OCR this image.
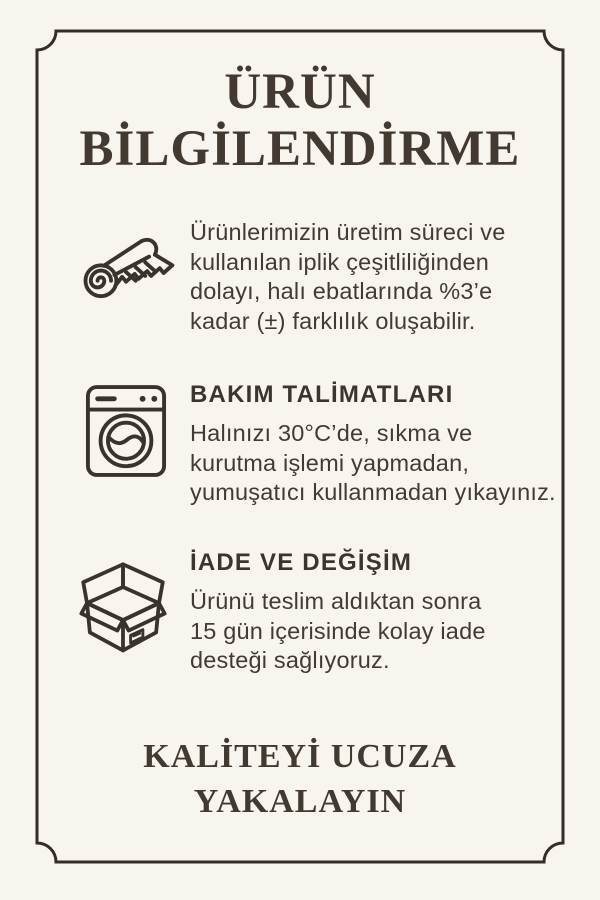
ÜRÜN
BİLGİLENDİRME
Ürünlerimizin üretim süreci ve
kullanılan iplik çeşitliliğinden
dolayı, halı ebatlarında %3’e
kadar (±) farklılık oluşabilir.
BAKIM TALİMATLARI
Halınızı 30°C’de, sıkma ve
kurutma işlemi yapmadan,
yumuşatıcı kullanmadan yıkayınız.
İADE VE DEĞİŞİM
Ürünü teslim aldıktan sonra
15 gün içerisinde kolay iade
desteği sağlıyoruz.
KALİTEYİ UCUZA
YAKALAYIN
